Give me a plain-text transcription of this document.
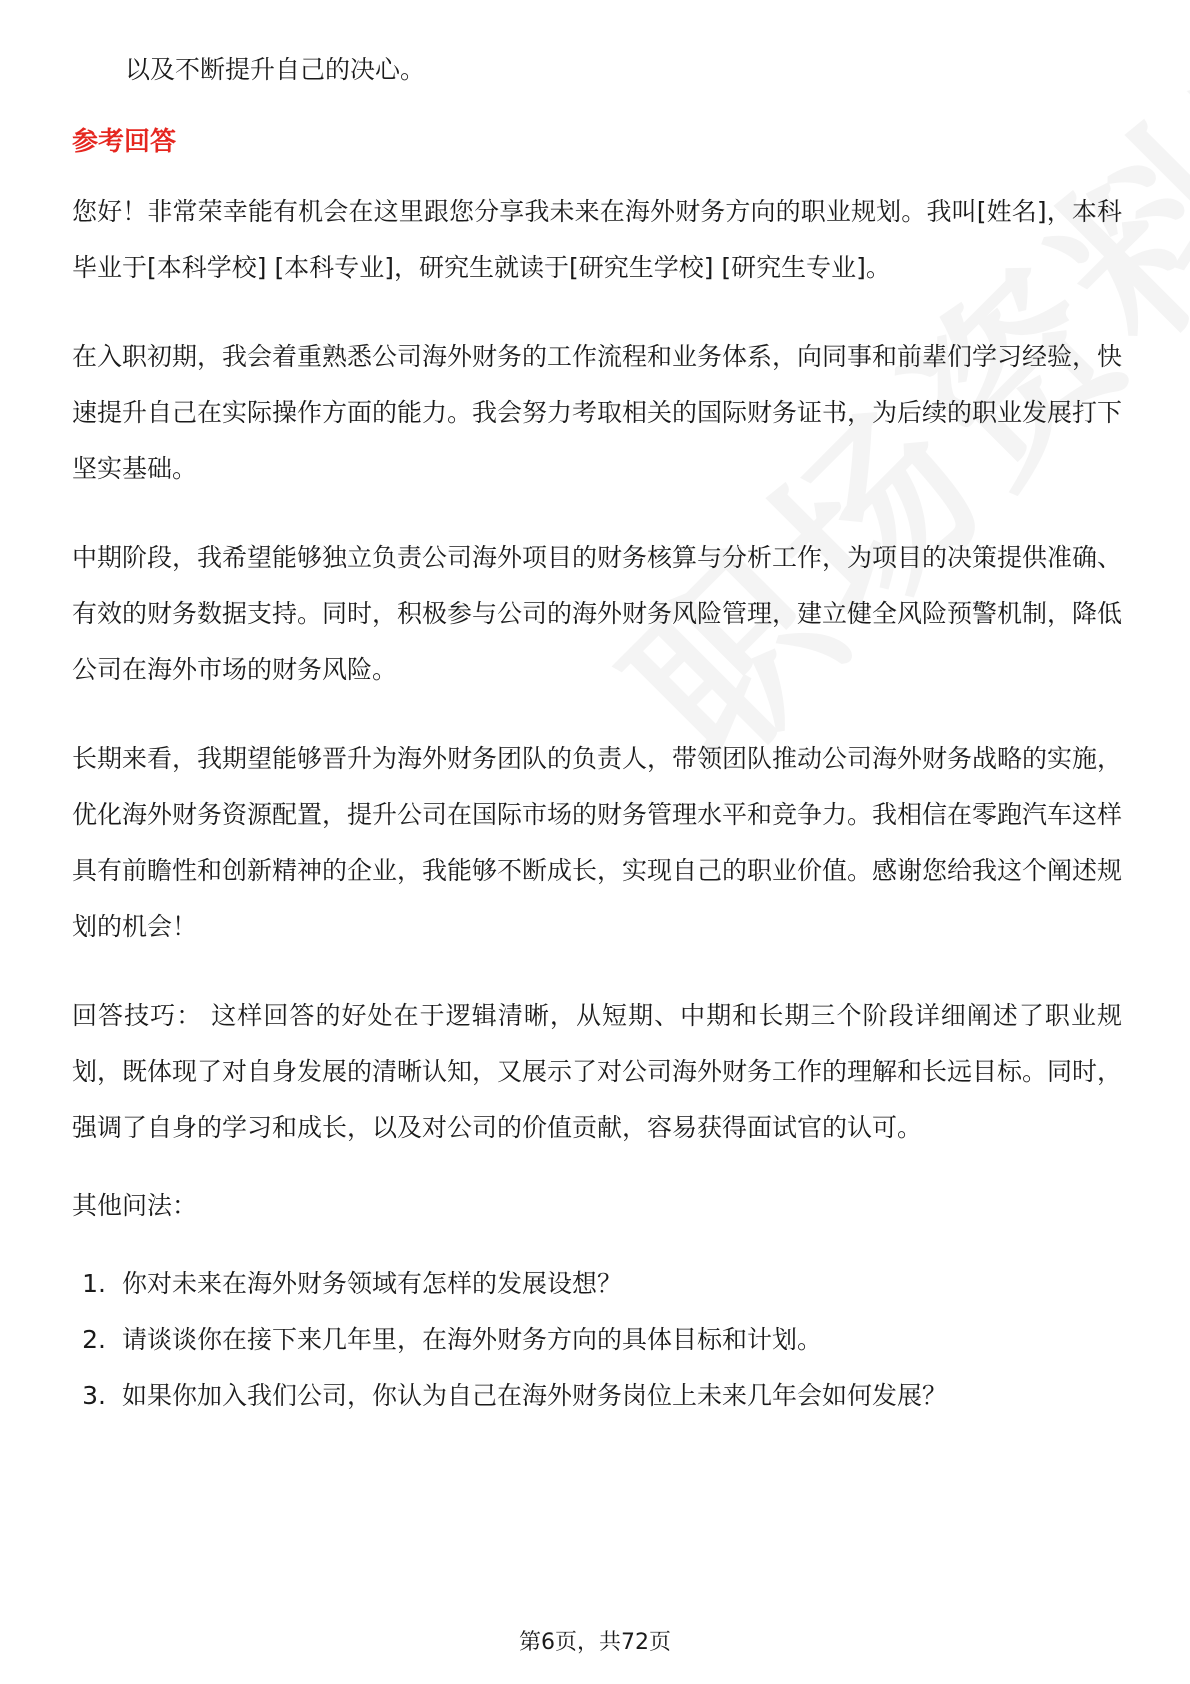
以及不断提升自己的决心。

参考回答

您好！非常荣幸能有机会在这里跟您分享我未来在海外财务方向的职业规划。我叫[姓名]，本科毕业于[本科学校] [本科专业]，研究生就读于[研究生学校] [研究生专业]。

在入职初期，我会着重熟悉公司海外财务的工作流程和业务体系，向同事和前辈们学习经验，快速提升自己在实际操作方面的能力。我会努力考取相关的国际财务证书，为后续的职业发展打下坚实基础。

中期阶段，我希望能够独立负责公司海外项目的财务核算与分析工作，为项目的决策提供准确、有效的财务数据支持。同时，积极参与公司的海外财务风险管理，建立健全风险预警机制，降低公司在海外市场的财务风险。

长期来看，我期望能够晋升为海外财务团队的负责人，带领团队推动公司海外财务战略的实施，优化海外财务资源配置，提升公司在国际市场的财务管理水平和竞争力。我相信在零跑汽车这样具有前瞻性和创新精神的企业，我能够不断成长，实现自己的职业价值。感谢您给我这个阐述规划的机会！

回答技巧： 这样回答的好处在于逻辑清晰，从短期、中期和长期三个阶段详细阐述了职业规划，既体现了对自身发展的清晰认知，又展示了对公司海外财务工作的理解和长远目标。同时，强调了自身的学习和成长，以及对公司的价值贡献，容易获得面试官的认可。

其他问法：
1. 你对未来在海外财务领域有怎样的发展设想？
2. 请谈谈你在接下来几年里，在海外财务方向的具体目标和计划。
3. 如果你加入我们公司，你认为自己在海外财务岗位上未来几年会如何发展？
第6页，共72页
